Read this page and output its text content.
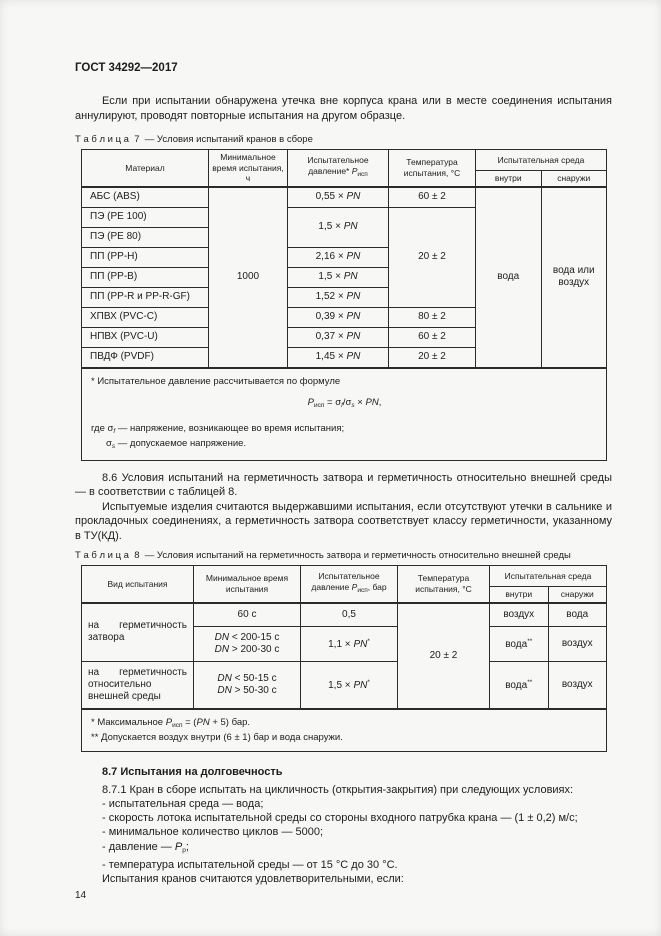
ГОСТ 34292—2017

Если при испытании обнаружена утечка вне корпуса крана или в месте соединения испытания аннулируют, проводят повторные испытания на другом образце.

Т а б л и ц а  7  — Условия испытаний кранов в сборе
Материал	Минимальное время испытания, ч	Испытательное давление* $P_{исп}$	Температура испытания, °С	Испытательная среда	
				внутри	снаружи
АБС (ABS)	1000	0,55 × PN	60 ± 2	вода	вода или воздух
ПЭ (PE 100)		1,5 × PN	20 ± 2		
ПЭ (PE 80)					
ПП (PP-H)		2,16 × PN			
ПП (PP-B)		1,5 × PN			
ПП (PP-R и PP-R-GF)		1,52 × PN			
ХПВХ (PVC-C)		0,39 × PN	80 ± 2		
НПВХ (PVC-U)		0,37 × PN	60 ± 2		
ПВДФ (PVDF)		1,45 × PN	20 ± 2		

* Испытательное давление рассчитывается по формуле
$P_{исп} = \sigma_f/\sigma_s$ × PN,
где $\sigma_f$ — напряжение, возникающее во время испытания;
$\sigma_s$ — допускаемое напряжение.					

8.6 Условия испытаний на герметичность затвора и герметичность относительно внешней среды — в соответствии с таблицей 8.

Испытуемые изделия считаются выдержавшими испытания, если отсутствуют утечки в сальнике и прокладочных соединениях, а герметичность затвора соответствует классу герметичности, указанному в ТУ(КД).

Т а б л и ц а  8  — Условия испытаний на герметичность затвора и герметичность относительно внешней среды
Вид испытания	Минимальное время испытания	Испытательное давление $P_{исп}$, бар	Температура испытания, °С	Испытательная среда	
				внутри	снаружи
на герметичность затвора	60 с	0,5	20 ± 2	воздух	вода

	DN < 200-15 с
DN > 200-30 с	1,1 × PN*		вода**	воздух
на герметичность относительно внешней среды	DN < 50-15 с
DN > 50-30 с	1,5 × PN*		вода**	воздух

* Максимальное $P_{исп} = (PN + 5)$ бар.
** Допускается воздух внутри (6 ± 1) бар и вода снаружи.					
8.7 Испытания на долговечность

8.7.1 Кран в сборе испытать на цикличность (открытия-закрытия) при следующих условиях:

- испытательная среда — вода;

- скорость лотока испытательной среды со стороны входного патрубка крана — (1 ± 0,2) м/с;

- минимальное количество циклов — 5000;

- давление — $P_р$;

- температура испытательной среды — от 15 °С до 30 °С.

Испытания кранов считаются удовлетворительными, если:

14
